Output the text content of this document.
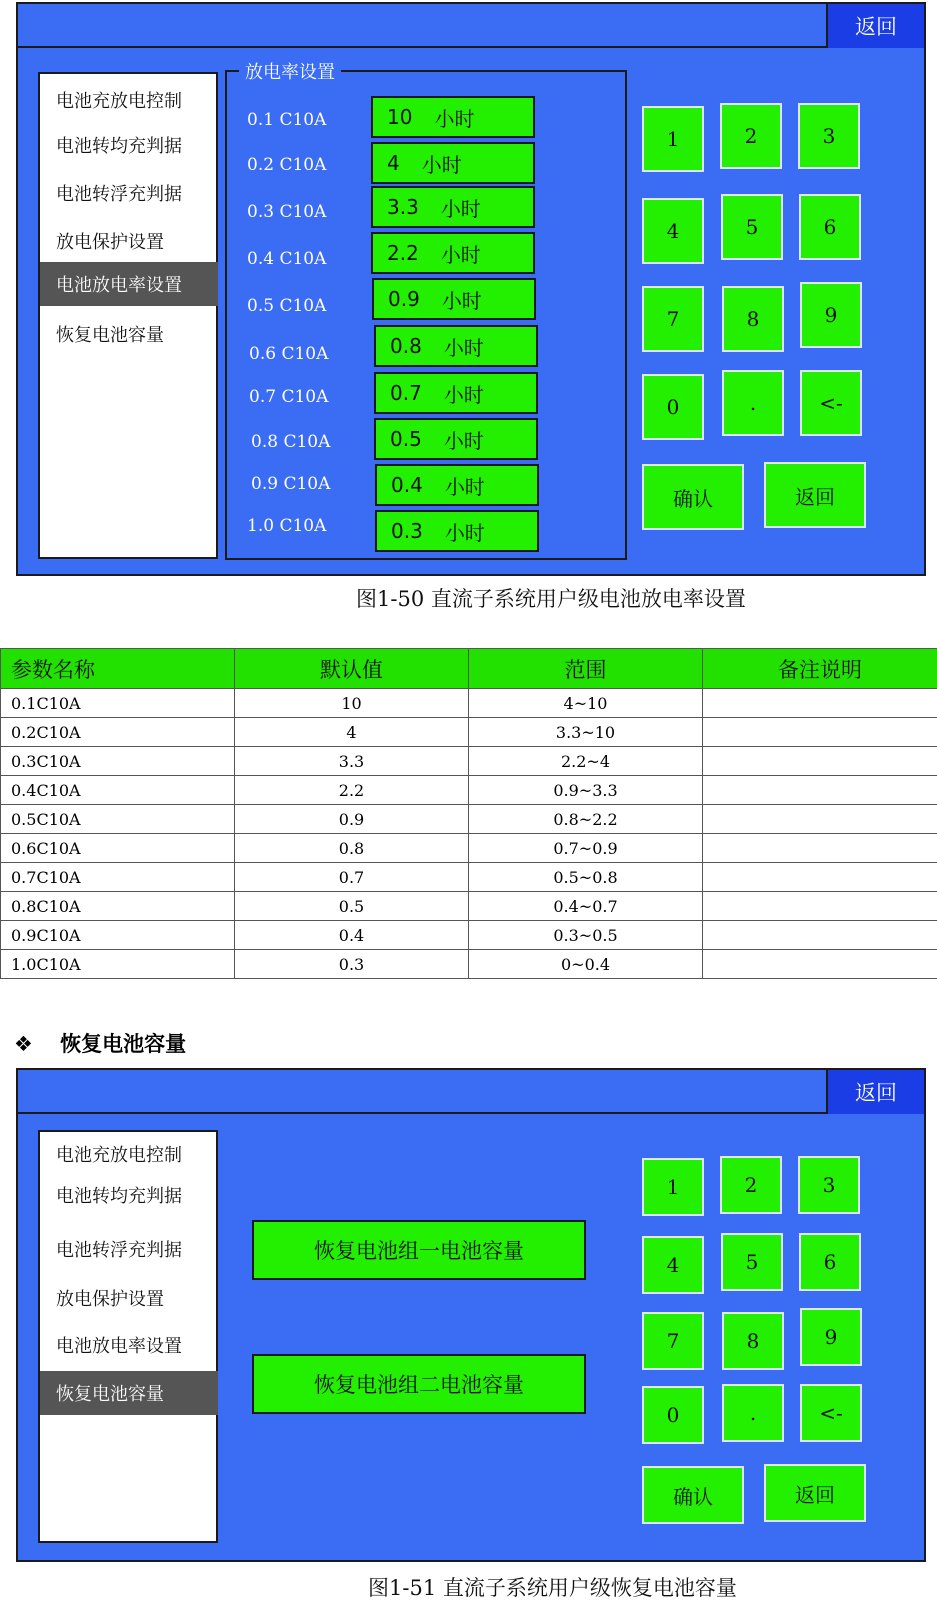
返回
电池充放电控制
电池转均充判据
电池转浮充判据
放电保护设置
电池放电率设置
恢复电池容量
放电率设置
0.1 C10A	10 小时
0.2 C10A	4 小时
0.3 C10A	3.3 小时
0.4 C10A	2.2 小时
0.5 C10A	0.9 小时
0.6 C10A	0.8 小时
0.7 C10A	0.7 小时
0.8 C10A	0.5 小时
0.9 C10A	0.4 小时
1.0 C10A	0.3 小时
1	2	3
4	5	6
7	8	9
0	.	<-
确认	返回
图1-50 直流子系统用户级电池放电率设置
参数名称	默认值	范围	备注说明
0.1C10A	10	4~10	
0.2C10A	4	3.3~10	
0.3C10A	3.3	2.2~4	
0.4C10A	2.2	0.9~3.3	
0.5C10A	0.9	0.8~2.2	
0.6C10A	0.8	0.7~0.9	
0.7C10A	0.7	0.5~0.8	
0.8C10A	0.5	0.4~0.7	
0.9C10A	0.4	0.3~0.5	
1.0C10A	0.3	0~0.4	
❖ 恢复电池容量
返回
电池充放电控制
电池转均充判据
电池转浮充判据
放电保护设置
电池放电率设置
恢复电池容量
恢复电池组一电池容量
恢复电池组二电池容量
1	2	3
4	5	6
7	8	9
0	.	<-
确认	返回
图1-51 直流子系统用户级恢复电池容量
